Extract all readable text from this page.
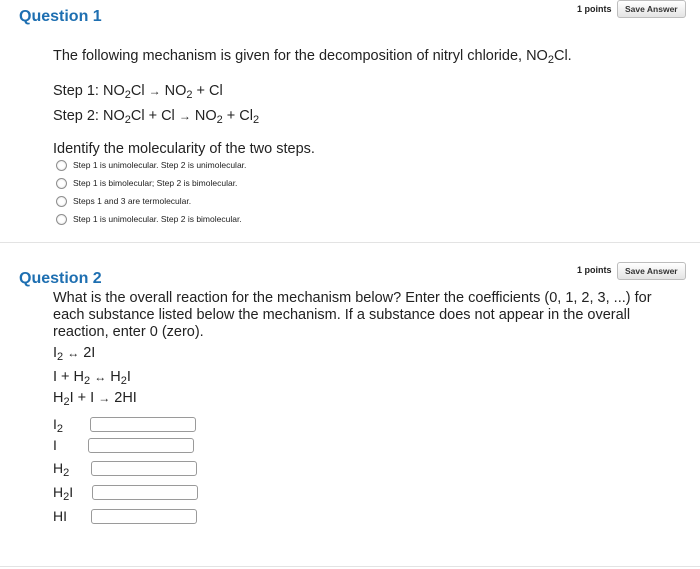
Question 1	1 points	Save Answer
The following mechanism is given for the decomposition of nitryl chloride, $NO_2Cl$.
Step 1: $NO_2Cl \to NO_2 + Cl$
Step 2: $NO_2Cl + Cl \to NO_2 + Cl_2$
Identify the molecularity of the two steps.
Step 1 is unimolecular. Step 2 is unimolecular.
Step 1 is bimolecular; Step 2 is bimolecular.
Steps 1 and 3 are termolecular.
Step 1 is unimolecular. Step 2 is bimolecular.
Question 2	1 points	Save Answer
What is the overall reaction for the mechanism below? Enter the coefficients (0, 1, 2, 3, ...) for
each substance listed below the mechanism. If a substance does not appear in the overall
reaction, enter 0 (zero).
$I_2$ ↔ 2I
$I + H_2$ ↔ $H_2I$
$H_2I + I \to 2HI$
$I_2$
I
$H_2$
$H_2I$
HI
